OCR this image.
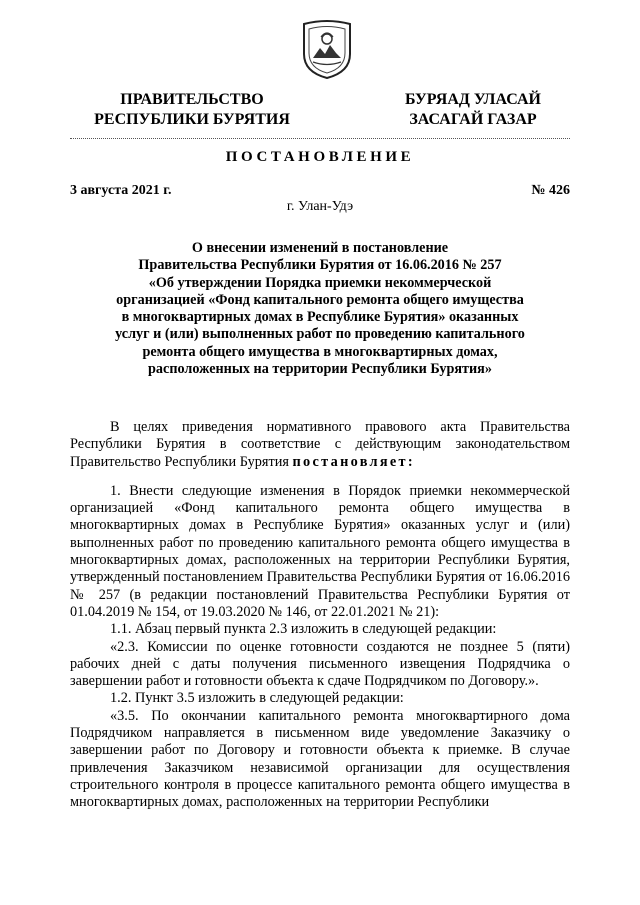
ПРАВИТЕЛЬСТВО
РЕСПУБЛИКИ БУРЯТИЯ
БУРЯАД УЛАСАЙ
ЗАСАГАЙ ГАЗАР
ПОСТАНОВЛЕНИЕ
3 августа 2021 г.	№ 426
г. Улан-Удэ
О внесении изменений в постановление
Правительства Республики Бурятия от 16.06.2016 № 257
«Об утверждении Порядка приемки некоммерческой
организацией «Фонд капитального ремонта общего имущества
в многоквартирных домах в Республике Бурятия» оказанных
услуг и (или) выполненных работ по проведению капитального
ремонта общего имущества в многоквартирных домах,
расположенных на территории Республики Бурятия»

В целях приведения нормативного правового акта Правительства Республики Бурятия в соответствие с действующим законодательством Правительство Республики Бурятия постановляет:

1. Внести следующие изменения в Порядок приемки некоммерческой организацией «Фонд капитального ремонта общего имущества в многоквартирных домах в Республике Бурятия» оказанных услуг и (или) выполненных работ по проведению капитального ремонта общего имущества в многоквартирных домах, расположенных на территории Республики Бурятия, утвержденный постановлением Правительства Республики Бурятия от 16.06.2016 № 257 (в редакции постановлений Правительства Республики Бурятия от 01.04.2019 № 154, от 19.03.2020 № 146, от 22.01.2021 № 21):

1.1. Абзац первый пункта 2.3 изложить в следующей редакции:

«2.3. Комиссии по оценке готовности создаются не позднее 5 (пяти) рабочих дней с даты получения письменного извещения Подрядчика о завершении работ и готовности объекта к сдаче Подрядчиком по Договору.».

1.2. Пункт 3.5 изложить в следующей редакции:

«3.5. По окончании капитального ремонта многоквартирного дома Подрядчиком направляется в письменном виде уведомление Заказчику о завершении работ по Договору и готовности объекта к приемке. В случае привлечения Заказчиком независимой организации для осуществления строительного контроля в процессе капитального ремонта общего имущества в многоквартирных домах, расположенных на территории Республики
